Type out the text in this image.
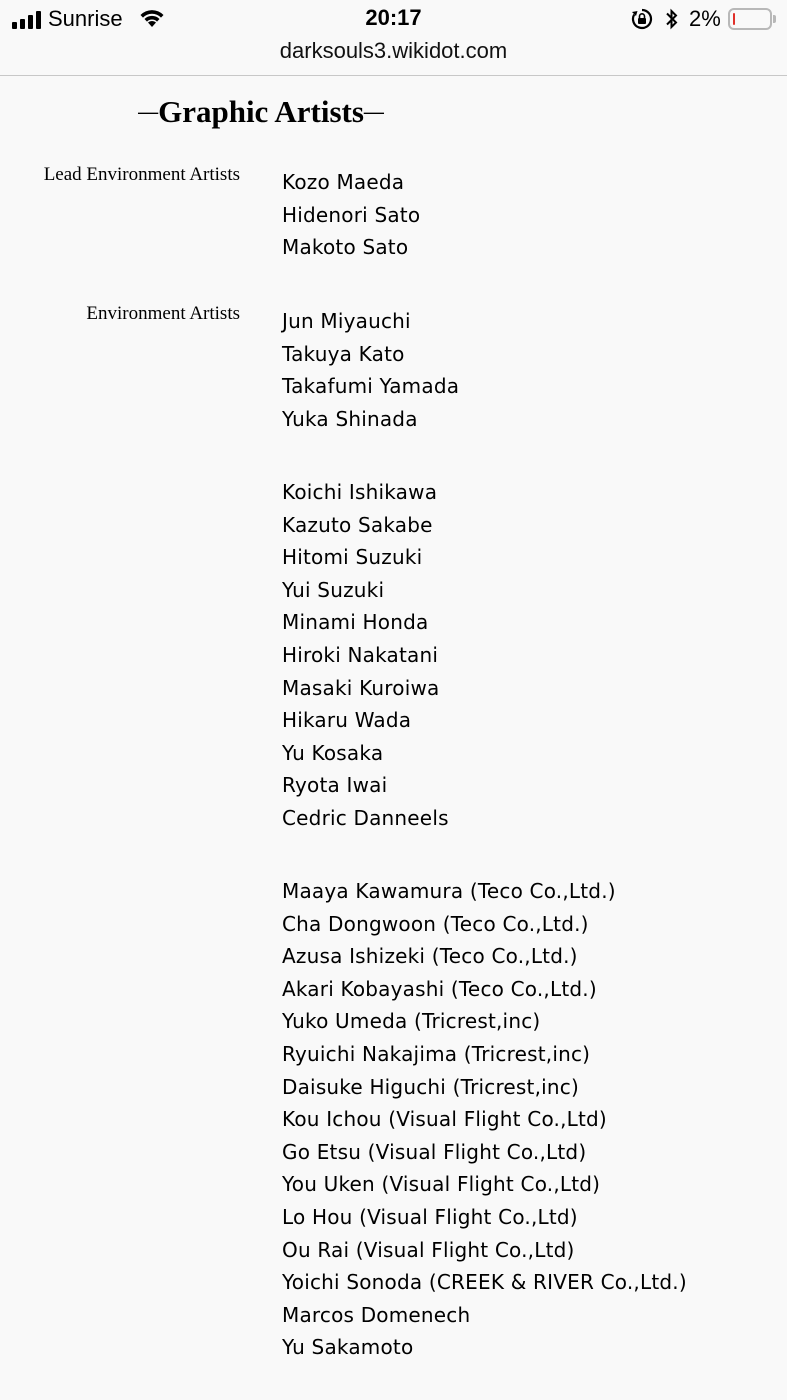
Sunrise	20:17	2%
darksouls3.wikidot.com
—Graphic Artists—
Lead Environment Artists Kozo Maeda
Hidenori Sato
Makoto Sato
Environment Artists Jun Miyauchi
Takuya Kato
Takafumi Yamada
Yuka Shinada
Koichi Ishikawa
Kazuto Sakabe
Hitomi Suzuki
Yui Suzuki
Minami Honda
Hiroki Nakatani
Masaki Kuroiwa
Hikaru Wada
Yu Kosaka
Ryota Iwai
Cedric Danneels
Maaya Kawamura (Teco Co.,Ltd.)
Cha Dongwoon (Teco Co.,Ltd.)
Azusa Ishizeki (Teco Co.,Ltd.)
Akari Kobayashi (Teco Co.,Ltd.)
Yuko Umeda (Tricrest,inc)
Ryuichi Nakajima (Tricrest,inc)
Daisuke Higuchi (Tricrest,inc)
Kou Ichou (Visual Flight Co.,Ltd)
Go Etsu (Visual Flight Co.,Ltd)
You Uken (Visual Flight Co.,Ltd)
Lo Hou (Visual Flight Co.,Ltd)
Ou Rai (Visual Flight Co.,Ltd)
Yoichi Sonoda (CREEK & RIVER Co.,Ltd.)
Marcos Domenech
Yu Sakamoto
